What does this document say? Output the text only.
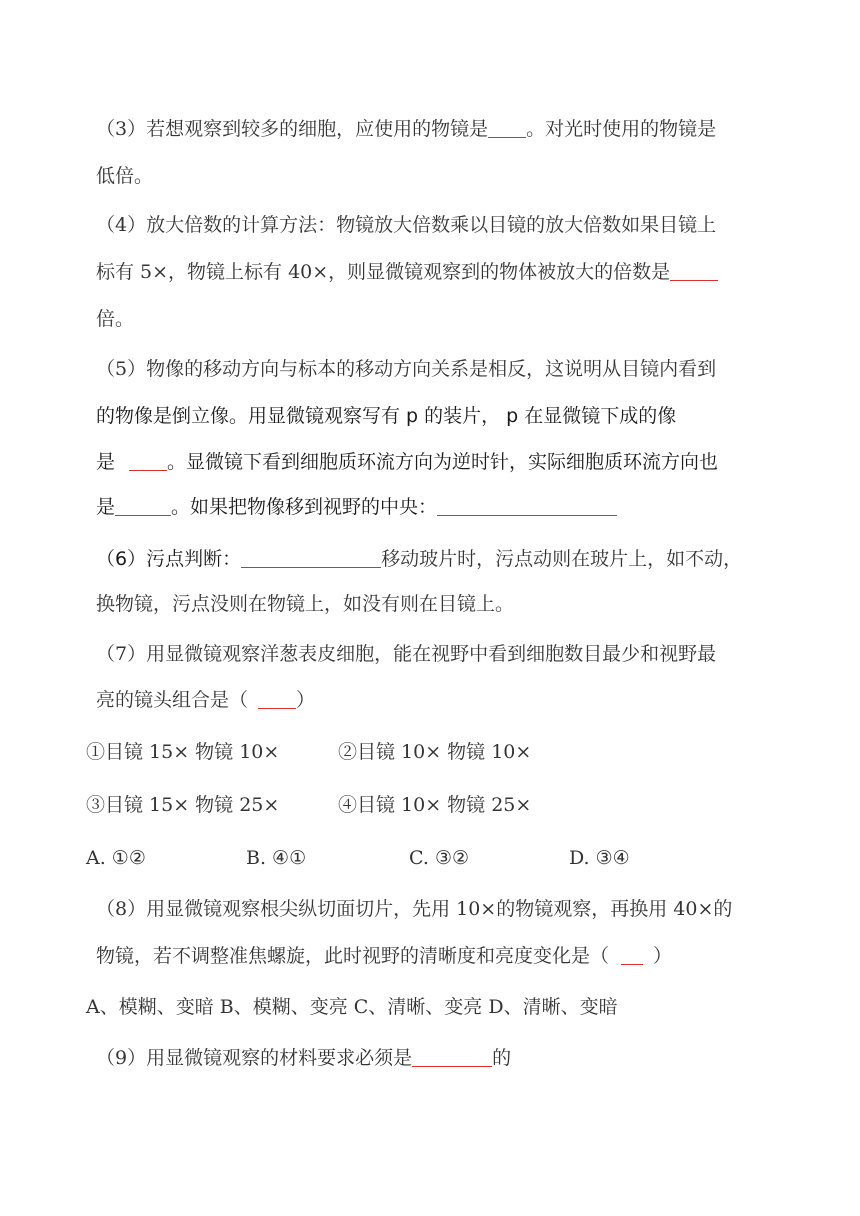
（3）若想观察到较多的细胞，应使用的物镜是 。对光时使用的物镜是
低倍。
（4）放大倍数的计算方法：物镜放大倍数乘以目镜的放大倍数如果目镜上
标有 5×，物镜上标有 40×，则显微镜观察到的物体被放大的倍数是
倍。
（5）物像的移动方向与标本的移动方向关系是相反，这说明从目镜内看到
的物像是倒立像。用显微镜观察写有 p 的装片， p 在显微镜下成的像
是	。显微镜下看到细胞质环流方向为逆时针，实际细胞质环流方向也
是	。如果把物像移到视野的中央：
（6）污点判断：	移动玻片时，污点动则在玻片上，如不动，
换物镜，污点没则在物镜上，如没有则在目镜上。
（7）用显微镜观察洋葱表皮细胞，能在视野中看到细胞数目最少和视野最
亮的镜头组合是（	）
①目镜 15× 物镜 10×	②目镜 10× 物镜 10×
③目镜 15× 物镜 25×	④目镜 10× 物镜 25×
A. ①②	B. ④①	C. ③②	D. ③④
（8）用显微镜观察根尖纵切面切片，先用 10×的物镜观察，再换用 40×的
物镜，若不调整准焦螺旋，此时视野的清晰度和亮度变化是（ ）
A、模糊、变暗 B、模糊、变亮 C、清晰、变亮 D、清晰、变暗
（9）用显微镜观察的材料要求必须是	的
